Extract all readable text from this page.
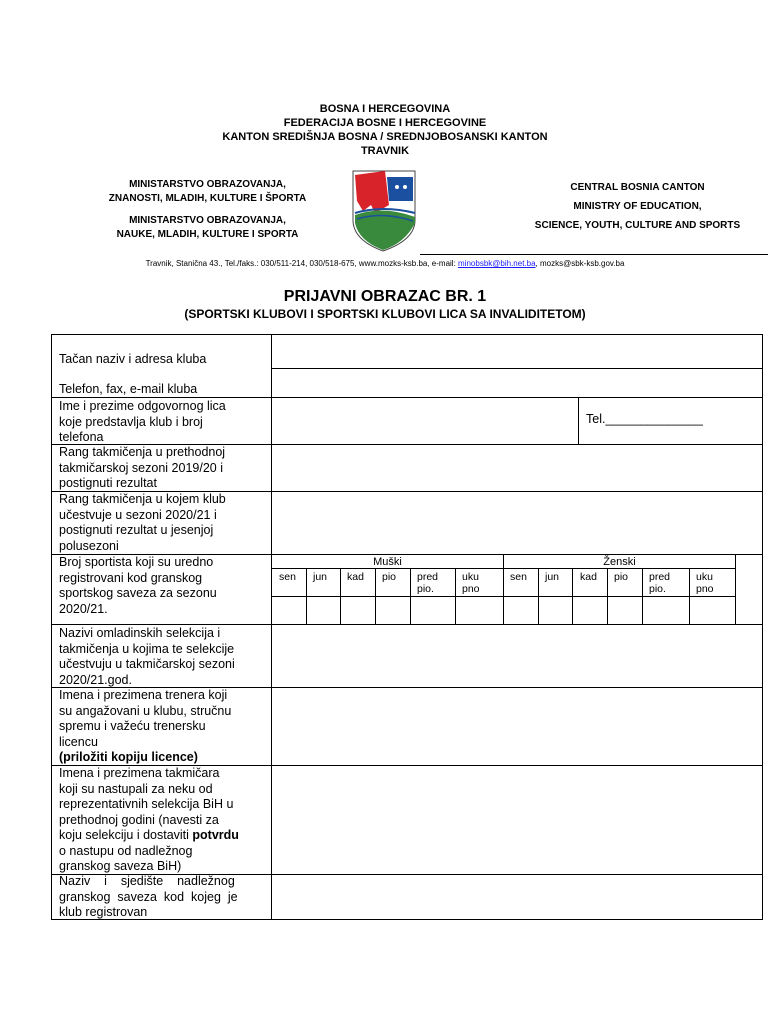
BOSNA I HERCEGOVINA
FEDERACIJA BOSNE I HERCEGOVINE
KANTON SREDIŠNJA BOSNA / SREDNJOBOSANSKI KANTON
TRAVNIK
MINISTARSTVO OBRAZOVANJA,
ZNANOSTI, MLADIH, KULTURE I ŠPORTA
MINISTARSTVO OBRAZOVANJA,
NAUKE, MLADIH, KULTURE I SPORTA
CENTRAL BOSNIA CANTON
MINISTRY OF EDUCATION,
SCIENCE, YOUTH, CULTURE AND SPORTS
Travnik, Stanična 43., Tel./faks.: 030/511-214, 030/518-675, www.mozks-ksb.ba, e-mail: minobsbk@bih.net.ba, mozks@sbk-ksb.gov.ba
PRIJAVNI OBRAZAC BR. 1
(SPORTSKI KLUBOVI I SPORTSKI KLUBOVI LICA SA INVALIDITETOM)
Tačan naziv i adresa kluba
Telefon, fax, e-mail kluba
Ime i prezime odgovornog lica
koje predstavlja klub i broj
telefona
Tel.______________
Rang takmičenja u prethodnoj
takmičarskoj sezoni 2019/20 i
postignuti rezultat
Rang takmičenja u kojem klub
učestvuje u sezoni 2020/21 i
postignuti rezultat u jesenjoj
polusezoni
Broj sportista koji su uredno
registrovani kod granskog
sportskog saveza za sezonu
2020/21.
Muški	Ženski
sen jun kad pio pred
pio.
uku
pno
sen jun kad pio pred
pio.
uku
pno
Nazivi omladinskih selekcija i
takmičenja u kojima te selekcije
učestvuju u takmičarskoj sezoni
2020/21.god.
Imena i prezimena trenera koji
su angažovani u klubu, stručnu
spremu i važeću trenersku
licencu
(priložiti kopiju licence)
Imena i prezimena takmičara
koji su nastupali za neku od
reprezentativnih selekcija BiH u
prethodnoj godini (navesti za
koju selekciju i dostaviti potvrdu
o nastupu od nadležnog
granskog saveza BiH)
Naziv    i    sjedište    nadležnog
granskog  saveza  kod  kojeg  je
klub registrovan
